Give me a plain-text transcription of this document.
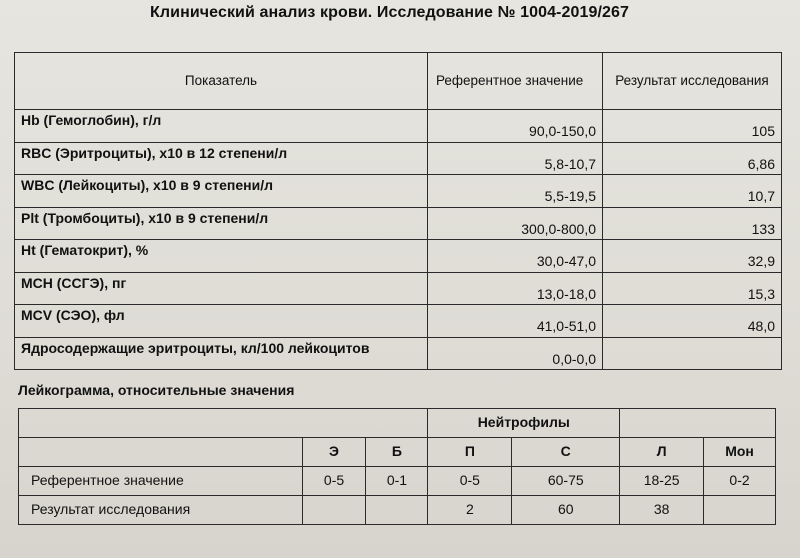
Клинический анализ крови. Исследование № 1004-2019/267
Показатель	Референтное значение	Результат исследования
Hb (Гемоглобин), г/л	90,0-150,0	105
RBC (Эритроциты), x10 в 12 степени/л	5,8-10,7	6,86
WBC (Лейкоциты), x10 в 9 степени/л	5,5-19,5	10,7
Plt (Тромбоциты), x10 в 9 степени/л	300,0-800,0	133
Ht (Гематокрит), %	30,0-47,0	32,9
MCH (ССГЭ), пг	13,0-18,0	15,3
MCV (СЭО), фл	41,0-51,0	48,0
Ядросодержащие эритроциты, кл/100 лейкоцитов	0,0-0,0	
Лейкограмма, относительные значения
			Нейтрофилы			
	Э	Б	П	С	Л	Мон
Референтное значение	0-5	0-1	0-5	60-75	18-25	0-2
Результат исследования			2	60	38	
